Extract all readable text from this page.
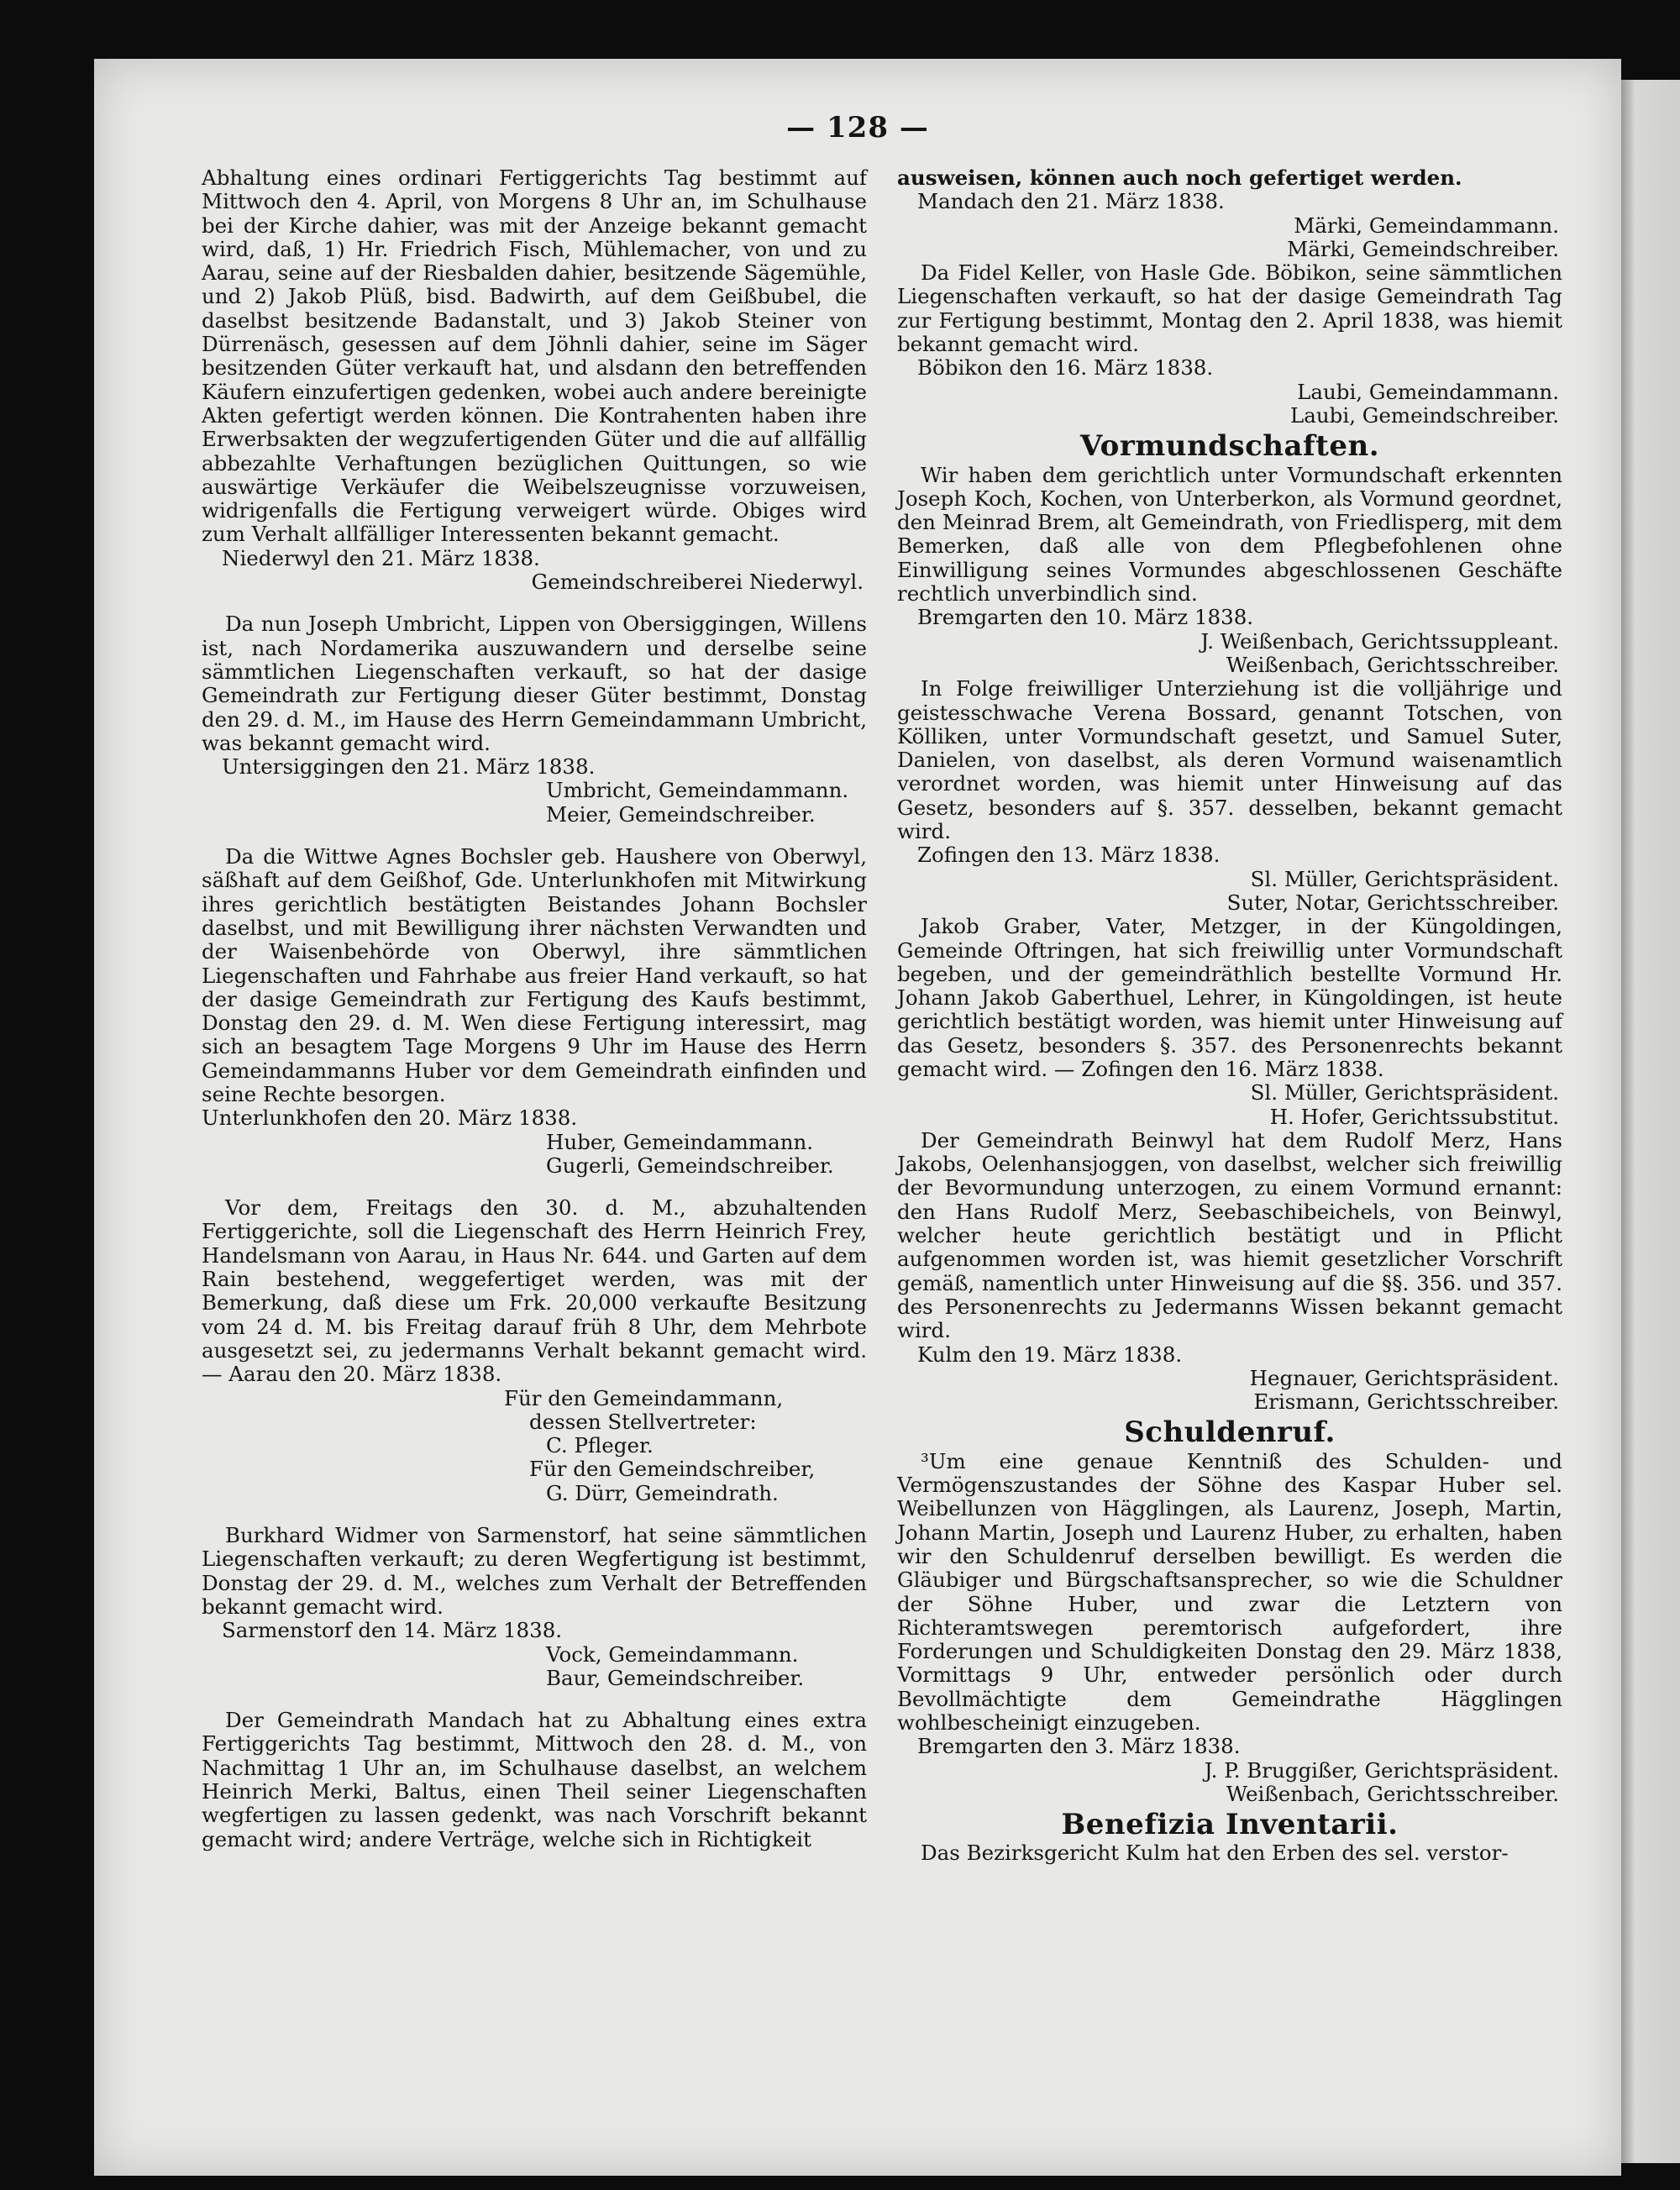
— 128 —

Abhaltung eines ordinari Fertiggerichts Tag bestimmt auf Mittwoch den 4. April, von Morgens 8 Uhr an, im Schulhause bei der Kirche dahier, was mit der Anzeige bekannt gemacht wird, daß, 1) Hr. Friedrich Fisch, Mühlemacher, von und zu Aarau, seine auf der Riesbalden dahier, besitzende Sägemühle, und 2) Jakob Plüß, bisd. Badwirth, auf dem Geißbubel, die daselbst besitzende Badanstalt, und 3) Jakob Steiner von Dürrenäsch, gesessen auf dem Jöhnli dahier, seine im Säger besitzenden Güter verkauft hat, und alsdann den betreffenden Käufern einzufertigen gedenken, wobei auch andere bereinigte Akten gefertigt werden können. Die Kontrahenten haben ihre Erwerbsakten der wegzufertigenden Güter und die auf allfällig abbezahlte Verhaftungen bezüglichen Quittungen, so wie auswärtige Verkäufer die Weibelszeugnisse vorzuweisen, widrigenfalls die Fertigung verweigert würde. Obiges wird zum Verhalt allfälliger Interessenten bekannt gemacht.

Niederwyl den 21. März 1838.

Gemeindschreiberei Niederwyl.

Da nun Joseph Umbricht, Lippen von Obersiggingen, Willens ist, nach Nordamerika auszuwandern und derselbe seine sämmtlichen Liegenschaften verkauft, so hat der dasige Gemeindrath zur Fertigung dieser Güter bestimmt, Donstag den 29. d. M., im Hause des Herrn Gemeindammann Umbricht, was bekannt gemacht wird.

Untersiggingen den 21. März 1838.

Umbricht, Gemeindammann.

Meier, Gemeindschreiber.

Da die Wittwe Agnes Bochsler geb. Haushere von Oberwyl, säßhaft auf dem Geißhof, Gde. Unterlunkhofen mit Mitwirkung ihres gerichtlich bestätigten Beistandes Johann Bochsler daselbst, und mit Bewilligung ihrer nächsten Verwandten und der Waisenbehörde von Oberwyl, ihre sämmtlichen Liegenschaften und Fahrhabe aus freier Hand verkauft, so hat der dasige Gemeindrath zur Fertigung des Kaufs bestimmt, Donstag den 29. d. M. Wen diese Fertigung interessirt, mag sich an besagtem Tage Morgens 9 Uhr im Hause des Herrn Gemeindammanns Huber vor dem Gemeindrath einfinden und seine Rechte besorgen.

Unterlunkhofen den 20. März 1838.

Huber, Gemeindammann.

Gugerli, Gemeindschreiber.

Vor dem, Freitags den 30. d. M., abzuhaltenden Fertiggerichte, soll die Liegenschaft des Herrn Heinrich Frey, Handelsmann von Aarau, in Haus Nr. 644. und Garten auf dem Rain bestehend, weggefertiget werden, was mit der Bemerkung, daß diese um Frk. 20,000 verkaufte Besitzung vom 24 d. M. bis Freitag darauf früh 8 Uhr, dem Mehrbote ausgesetzt sei, zu jedermanns Verhalt bekannt gemacht wird. — Aarau den 20. März 1838.

Für den Gemeindammann,

dessen Stellvertreter:

C. Pfleger.

Für den Gemeindschreiber,

G. Dürr, Gemeindrath.

Burkhard Widmer von Sarmenstorf, hat seine sämmtlichen Liegenschaften verkauft; zu deren Wegfertigung ist bestimmt, Donstag der 29. d. M., welches zum Verhalt der Betreffenden bekannt gemacht wird.

Sarmenstorf den 14. März 1838.

Vock, Gemeindammann.

Baur, Gemeindschreiber.

Der Gemeindrath Mandach hat zu Abhaltung eines extra Fertiggerichts Tag bestimmt, Mittwoch den 28. d. M., von Nachmittag 1 Uhr an, im Schulhause daselbst, an welchem Heinrich Merki, Baltus, einen Theil seiner Liegenschaften wegfertigen zu lassen gedenkt, was nach Vorschrift bekannt gemacht wird; andere Verträge, welche sich in Richtigkeit

ausweisen, können auch noch gefertiget werden.

Mandach den 21. März 1838.

Märki, Gemeindammann.

Märki, Gemeindschreiber.

Da Fidel Keller, von Hasle Gde. Böbikon, seine sämmtlichen Liegenschaften verkauft, so hat der dasige Gemeindrath Tag zur Fertigung bestimmt, Montag den 2. April 1838, was hiemit bekannt gemacht wird.

Böbikon den 16. März 1838.

Laubi, Gemeindammann.

Laubi, Gemeindschreiber.

Vormundschaften.

Wir haben dem gerichtlich unter Vormundschaft erkennten Joseph Koch, Kochen, von Unterberkon, als Vormund geordnet, den Meinrad Brem, alt Gemeindrath, von Friedlisperg, mit dem Bemerken, daß alle von dem Pflegbefohlenen ohne Einwilligung seines Vormundes abgeschlossenen Geschäfte rechtlich unverbindlich sind.

Bremgarten den 10. März 1838.

J. Weißenbach, Gerichtssuppleant.

Weißenbach, Gerichtsschreiber.

In Folge freiwilliger Unterziehung ist die volljährige und geistesschwache Verena Bossard, genannt Totschen, von Kölliken, unter Vormundschaft gesetzt, und Samuel Suter, Danielen, von daselbst, als deren Vormund waisenamtlich verordnet worden, was hiemit unter Hinweisung auf das Gesetz, besonders auf §. 357. desselben, bekannt gemacht wird.

Zofingen den 13. März 1838.

Sl. Müller, Gerichtspräsident.

Suter, Notar, Gerichtsschreiber.

Jakob Graber, Vater, Metzger, in der Küngoldingen, Gemeinde Oftringen, hat sich freiwillig unter Vormundschaft begeben, und der gemeindräthlich bestellte Vormund Hr. Johann Jakob Gaberthuel, Lehrer, in Küngoldingen, ist heute gerichtlich bestätigt worden, was hiemit unter Hinweisung auf das Gesetz, besonders §. 357. des Personenrechts bekannt gemacht wird. — Zofingen den 16. März 1838.

Sl. Müller, Gerichtspräsident.

H. Hofer, Gerichtssubstitut.

Der Gemeindrath Beinwyl hat dem Rudolf Merz, Hans Jakobs, Oelenhansjoggen, von daselbst, welcher sich freiwillig der Bevormundung unterzogen, zu einem Vormund ernannt: den Hans Rudolf Merz, Seebaschibeichels, von Beinwyl, welcher heute gerichtlich bestätigt und in Pflicht aufgenommen worden ist, was hiemit gesetzlicher Vorschrift gemäß, namentlich unter Hinweisung auf die §§. 356. und 357. des Personenrechts zu Jedermanns Wissen bekannt gemacht wird.

Kulm den 19. März 1838.

Hegnauer, Gerichtspräsident.

Erismann, Gerichtsschreiber.

Schuldenruf.

³Um eine genaue Kenntniß des Schulden- und Vermögenszustandes der Söhne des Kaspar Huber sel. Weibellunzen von Hägglingen, als Laurenz, Joseph, Martin, Johann Martin, Joseph und Laurenz Huber, zu erhalten, haben wir den Schuldenruf derselben bewilligt. Es werden die Gläubiger und Bürgschaftsansprecher, so wie die Schuldner der Söhne Huber, und zwar die Letztern von Richteramtswegen peremtorisch aufgefordert, ihre Forderungen und Schuldigkeiten Donstag den 29. März 1838, Vormittags 9 Uhr, entweder persönlich oder durch Bevollmächtigte dem Gemeindrathe Hägglingen wohlbescheinigt einzugeben.

Bremgarten den 3. März 1838.

J. P. Bruggißer, Gerichtspräsident.

Weißenbach, Gerichtsschreiber.

Benefizia Inventarii.

Das Bezirksgericht Kulm hat den Erben des sel. verstor-
